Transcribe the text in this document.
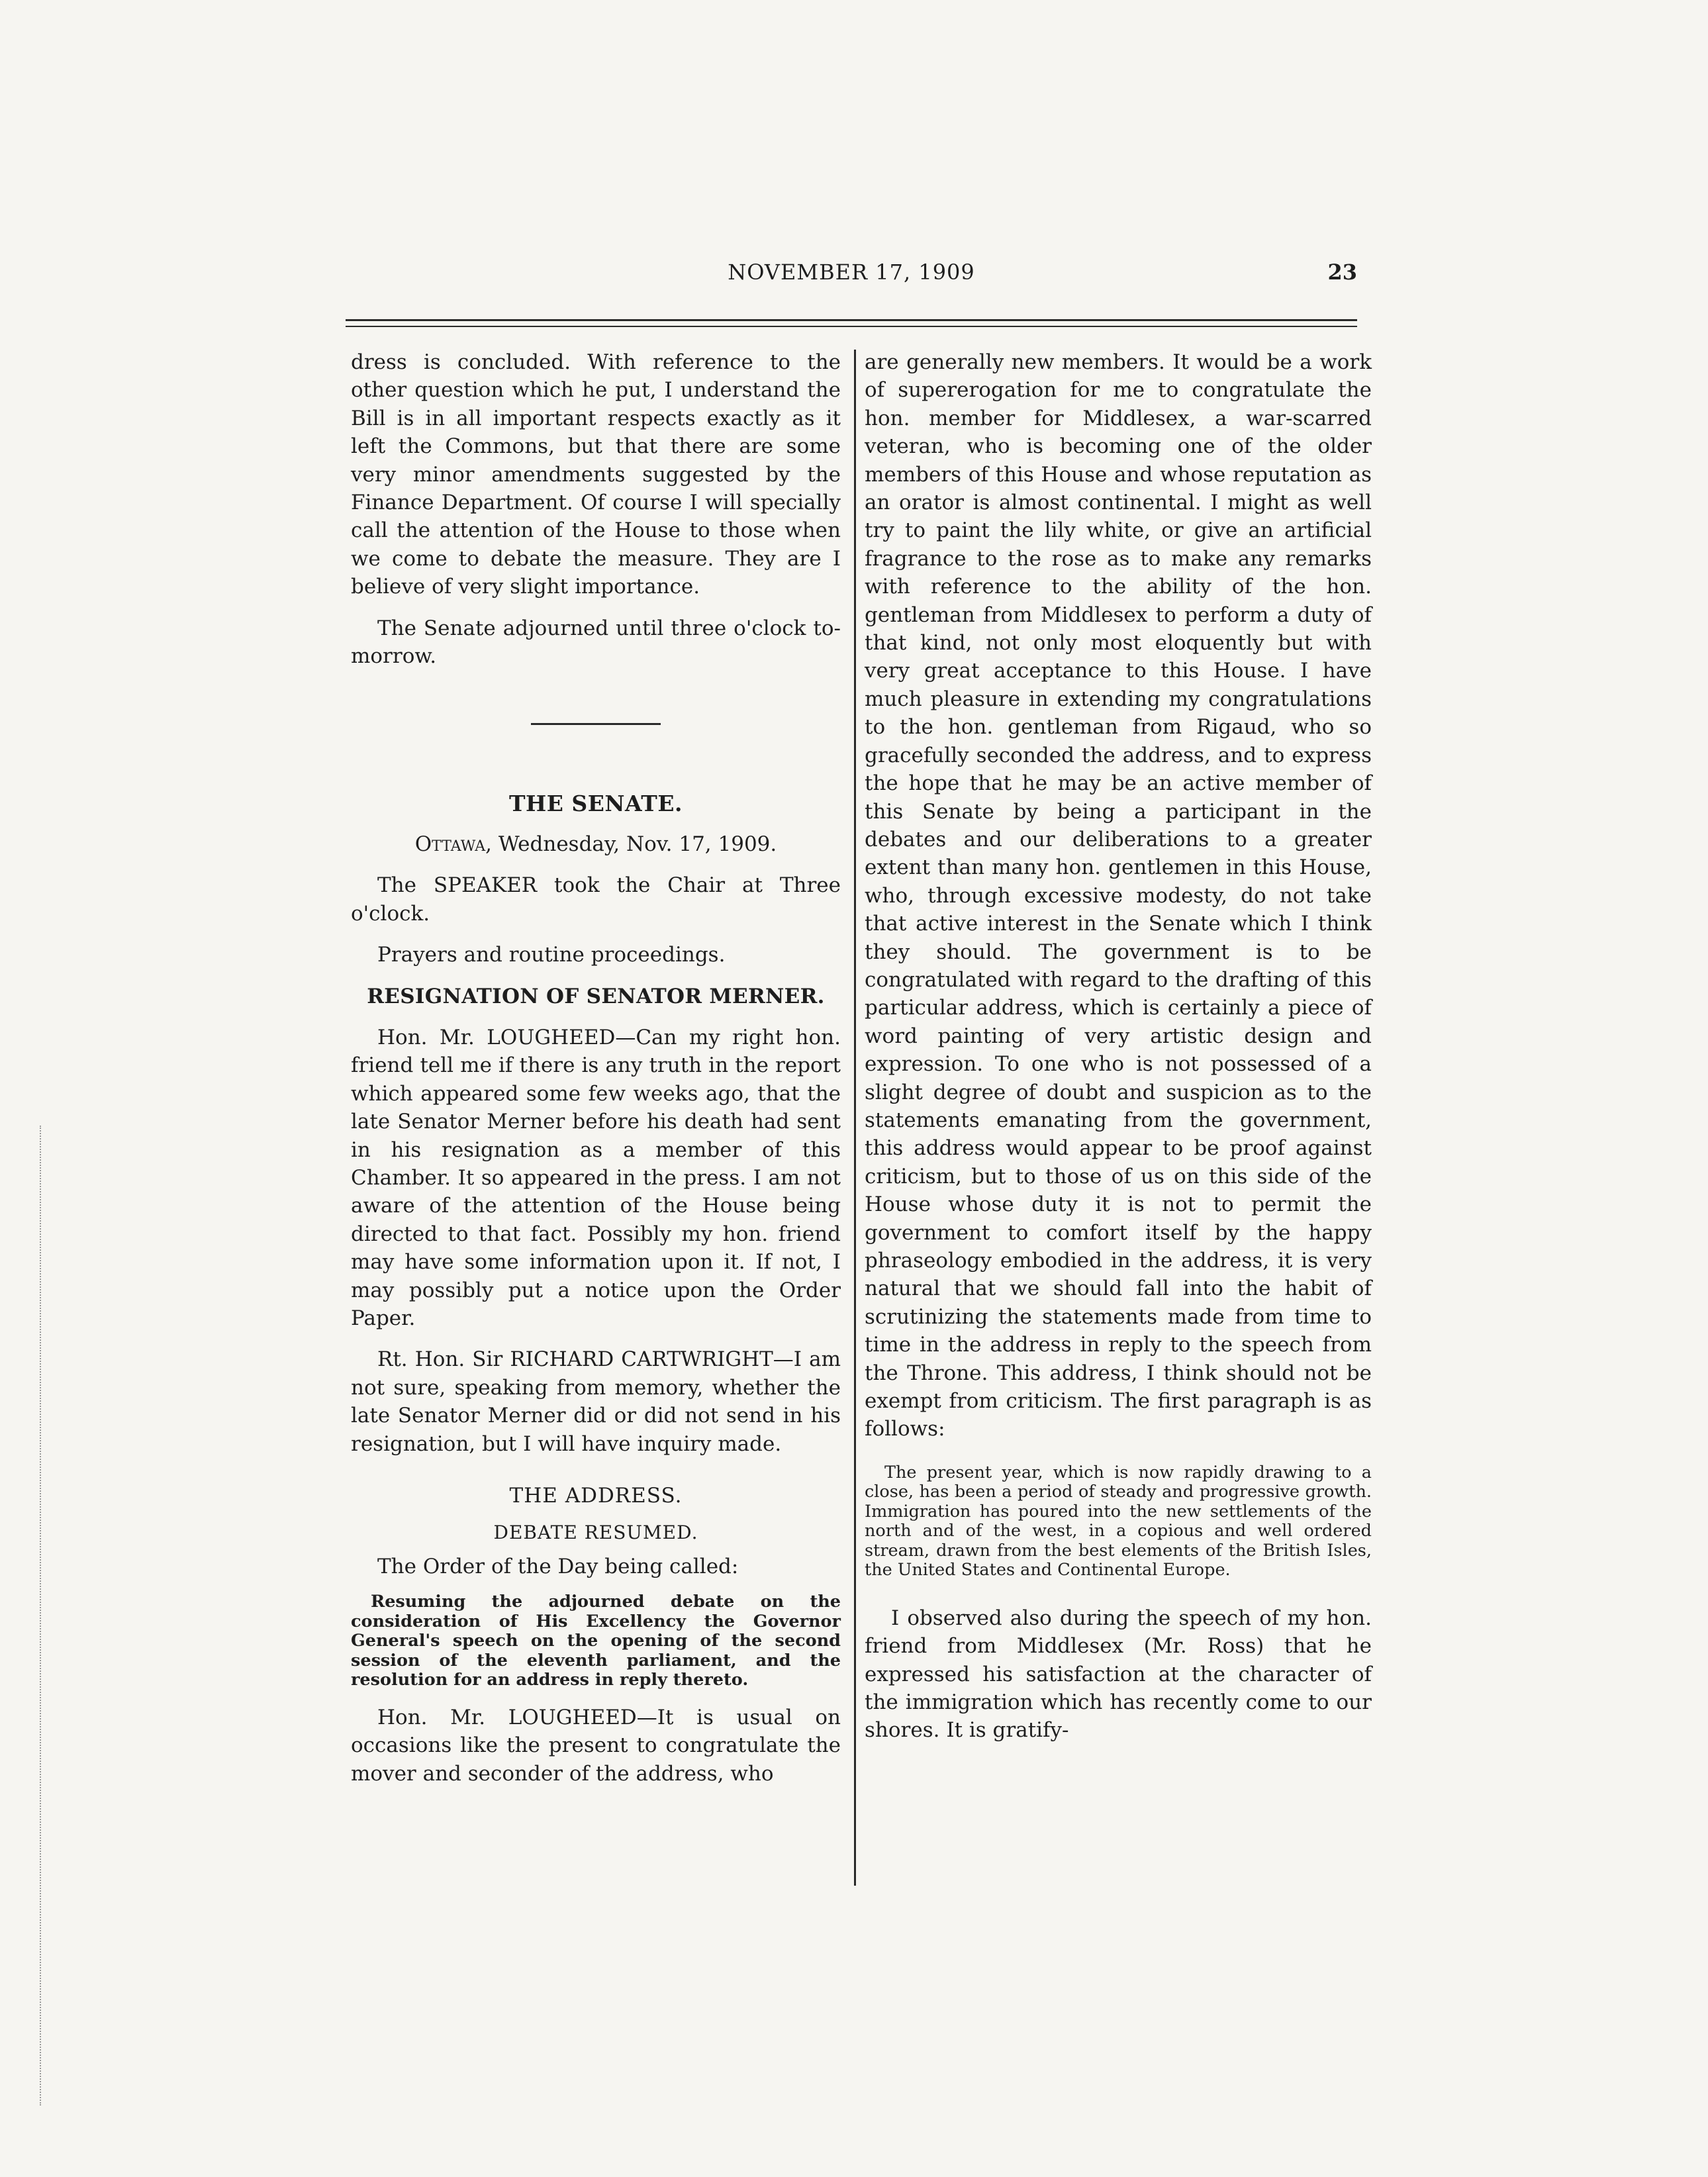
NOVEMBER 17, 1909	23

dress is concluded. With reference to the other question which he put, I understand the Bill is in all important respects exactly as it left the Commons, but that there are some very minor amendments suggested by the Finance Department. Of course I will specially call the attention of the House to those when we come to debate the measure. They are I believe of very slight importance.

The Senate adjourned until three o'clock to-morrow.

THE SENATE.

Ottawa, Wednesday, Nov. 17, 1909.

The SPEAKER took the Chair at Three o'clock.

Prayers and routine proceedings.

RESIGNATION OF SENATOR MERNER.

Hon. Mr. LOUGHEED—Can my right hon. friend tell me if there is any truth in the report which appeared some few weeks ago, that the late Senator Merner before his death had sent in his resignation as a member of this Chamber. It so appeared in the press. I am not aware of the attention of the House being directed to that fact. Possibly my hon. friend may have some information upon it. If not, I may possibly put a notice upon the Order Paper.

Rt. Hon. Sir RICHARD CARTWRIGHT—I am not sure, speaking from memory, whether the late Senator Merner did or did not send in his resignation, but I will have inquiry made.

THE ADDRESS.

DEBATE RESUMED.

The Order of the Day being called:

Resuming the adjourned debate on the consideration of His Excellency the Governor General's speech on the opening of the second session of the eleventh parliament, and the resolution for an address in reply thereto.

Hon. Mr. LOUGHEED—It is usual on occasions like the present to congratulate the mover and seconder of the address, who

are generally new members. It would be a work of supererogation for me to congratulate the hon. member for Middlesex, a war-scarred veteran, who is becoming one of the older members of this House and whose reputation as an orator is almost continental. I might as well try to paint the lily white, or give an artificial fragrance to the rose as to make any remarks with reference to the ability of the hon. gentleman from Middlesex to perform a duty of that kind, not only most eloquently but with very great acceptance to this House. I have much pleasure in extending my congratulations to the hon. gentleman from Rigaud, who so gracefully seconded the address, and to express the hope that he may be an active member of this Senate by being a participant in the debates and our deliberations to a greater extent than many hon. gentlemen in this House, who, through excessive modesty, do not take that active interest in the Senate which I think they should. The government is to be congratulated with regard to the drafting of this particular address, which is certainly a piece of word painting of very artistic design and expression. To one who is not possessed of a slight degree of doubt and suspicion as to the statements emanating from the government, this address would appear to be proof against criticism, but to those of us on this side of the House whose duty it is not to permit the government to comfort itself by the happy phraseology embodied in the address, it is very natural that we should fall into the habit of scrutinizing the statements made from time to time in the address in reply to the speech from the Throne. This address, I think should not be exempt from criticism. The first paragraph is as follows:

The present year, which is now rapidly drawing to a close, has been a period of steady and progressive growth. Immigration has poured into the new settlements of the north and of the west, in a copious and well ordered stream, drawn from the best elements of the British Isles, the United States and Continental Europe.

I observed also during the speech of my hon. friend from Middlesex (Mr. Ross) that he expressed his satisfaction at the character of the immigration which has recently come to our shores. It is gratify-
